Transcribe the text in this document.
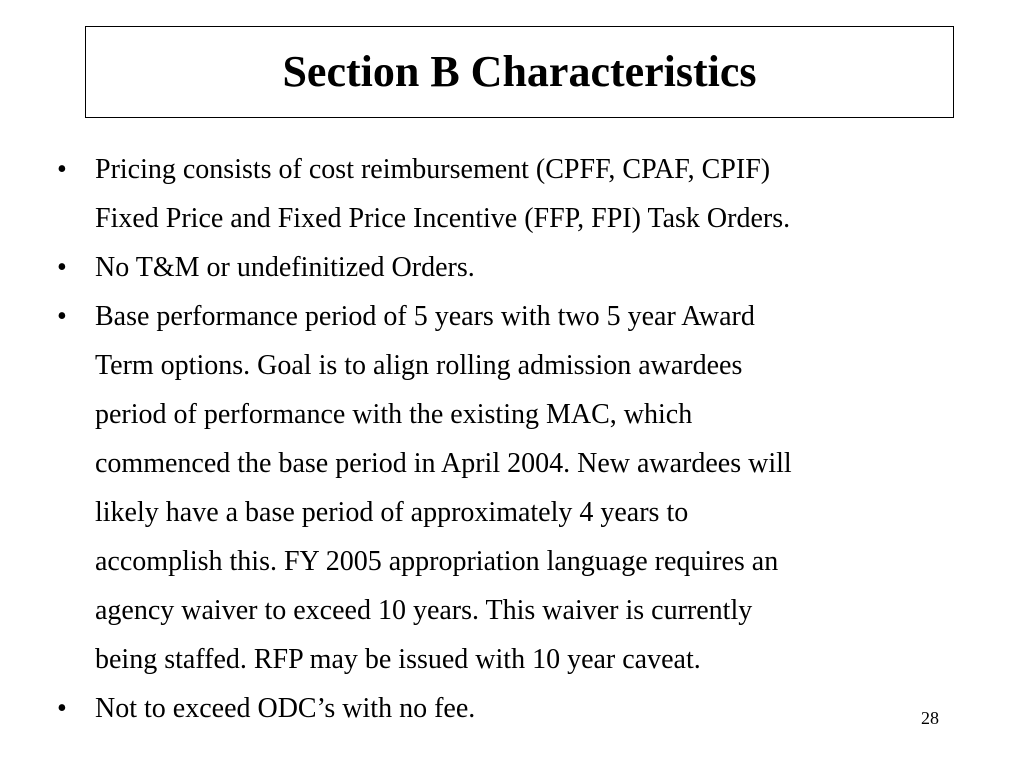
Section B Characteristics
•	Pricing consists of cost reimbursement (CPFF, CPAF, CPIF)
Fixed Price and Fixed Price Incentive (FFP, FPI) Task Orders.
•	No T&M or undefinitized Orders.
•	Base performance period of 5 years with two 5 year Award
Term options. Goal is to align rolling admission awardees
period of performance with the existing MAC, which
commenced the base period in April 2004. New awardees will
likely have a base period of approximately 4 years to
accomplish this. FY 2005 appropriation language requires an
agency waiver to exceed 10 years. This waiver is currently
being staffed. RFP may be issued with 10 year caveat.
•	Not to exceed ODC’s with no fee.	28
